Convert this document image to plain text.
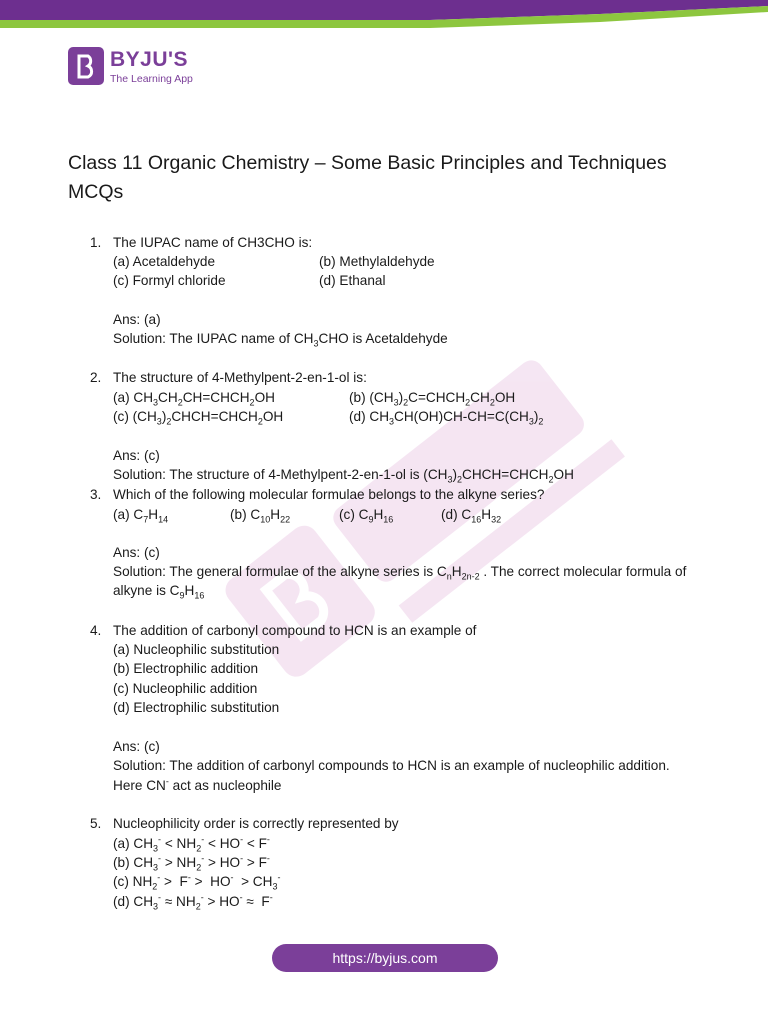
BYJU'S
The Learning App
Class 11 Organic Chemistry – Some Basic Principles and Techniques MCQs
1. The IUPAC name of CH3CHO is:
(a) Acetaldehyde	(b) Methylaldehyde
(c) Formyl chloride	(d) Ethanal
Ans: (a)
Solution: The IUPAC name of $CH_3CHO$ is Acetaldehyde
2. The structure of 4-Methylpent-2-en-1-ol is:
(a) $CH_3CH_2CH=CHCH_2OH$	(b) $(CH_3)_2C=CHCH_2CH_2OH$
(c) $(CH_3)_2CHCH=CHCH_2OH$	(d) $CH_3CH(OH)CH-CH=C(CH_3)_2$
Ans: (c)
Solution: The structure of 4-Methylpent-2-en-1-ol is $(CH_3)_2CHCH=CHCH_2OH$
3. Which of the following molecular formulae belongs to the alkyne series?
(a) $C_7H_{14}$	(b) $C_{10}H_{22}$	(c) $C_9H_{16}$	(d) $C_{16}H_{32}$
Ans: (c)
Solution: The general formulae of the alkyne series is $C_nH_{2n-2}$ . The correct molecular formula of
alkyne is $C_9H_{16}$
4. The addition of carbonyl compound to HCN is an example of
(a) Nucleophilic substitution
(b) Electrophilic addition
(c) Nucleophilic addition
(d) Electrophilic substitution
Ans: (c)
Solution: The addition of carbonyl compounds to HCN is an example of nucleophilic addition.
Here CN- act as nucleophile
5. Nucleophilicity order is correctly represented by
(a) $CH_3^- < NH_2^- < HO^- < F^-$
(b) $CH_3^- > NH_2^- > HO^- > F^-$
(c) $NH_2^- > F^- > HO^- > CH_3^-$
(d) $CH_3^- \approx NH_2^- > HO^- \approx F^-$
https://byjus.com
